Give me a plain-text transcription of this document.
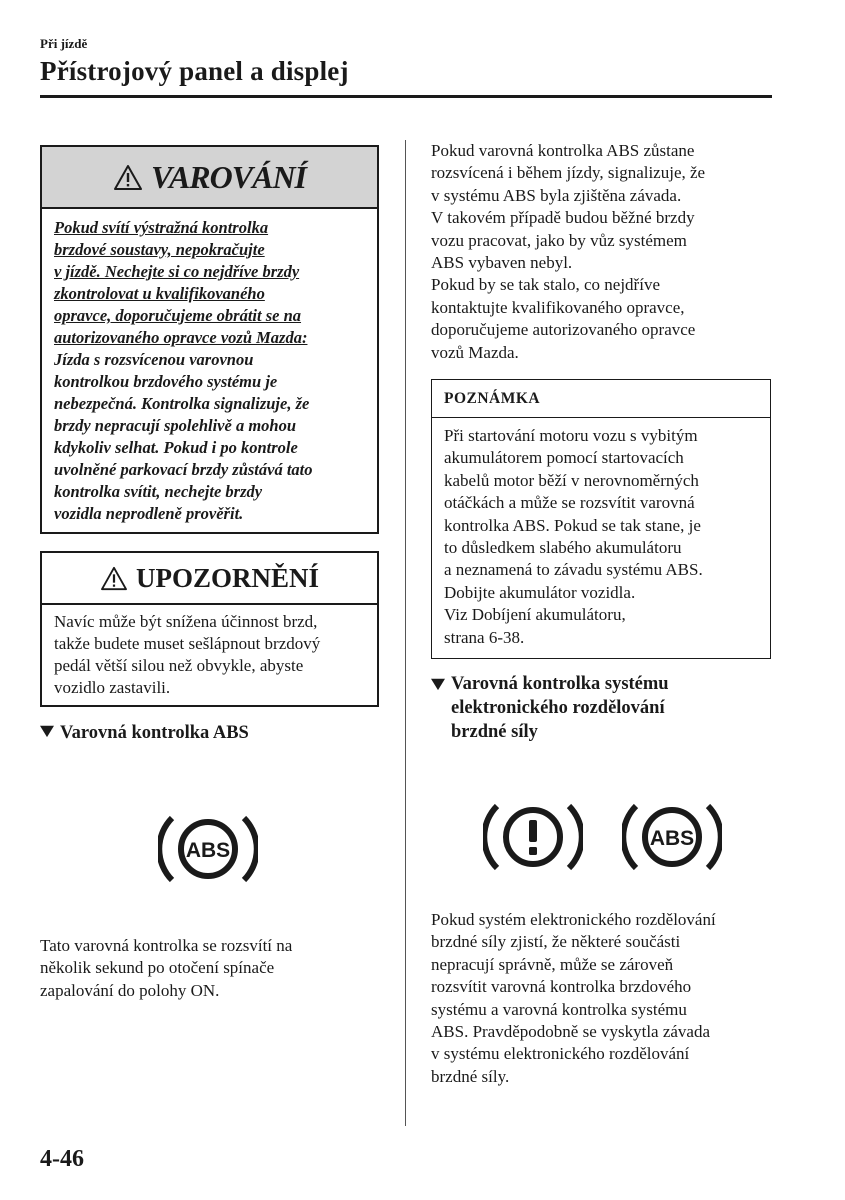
Při jízdě
Přístrojový panel a displej
VAROVÁNÍ
Pokud svítí výstražná kontrolka
brzdové soustavy, nepokračujte
v jízdě. Nechejte si co nejdříve brzdy
zkontrolovat u kvalifikovaného
opravce, doporučujeme obrátit se na
autorizovaného opravce vozů Mazda:
Jízda s rozsvícenou varovnou
kontrolkou brzdového systému je
nebezpečná. Kontrolka signalizuje, že
brzdy nepracují spolehlivě a mohou
kdykoliv selhat. Pokud i po kontrole
uvolněné parkovací brzdy zůstává tato
kontrolka svítit, nechejte brzdy
vozidla neprodleně prověřit.
UPOZORNĚNÍ
Navíc může být snížena účinnost brzd,
takže budete muset sešlápnout brzdový
pedál větší silou než obvykle, abyste
vozidlo zastavili.
Varovná kontrolka ABS
ABS
Tato varovná kontrolka se rozsvítí na
několik sekund po otočení spínače
zapalování do polohy ON.
Pokud varovná kontrolka ABS zůstane
rozsvícená i během jízdy, signalizuje, že
v systému ABS byla zjištěna závada.
V takovém případě budou běžné brzdy
vozu pracovat, jako by vůz systémem
ABS vybaven nebyl.
Pokud by se tak stalo, co nejdříve
kontaktujte kvalifikovaného opravce,
doporučujeme autorizovaného opravce
vozů Mazda.
POZNÁMKA
Při startování motoru vozu s vybitým
akumulátorem pomocí startovacích
kabelů motor běží v nerovnoměrných
otáčkách a může se rozsvítit varovná
kontrolka ABS. Pokud se tak stane, je
to důsledkem slabého akumulátoru
a neznamená to závadu systému ABS.
Dobijte akumulátor vozidla.
Viz Dobíjení akumulátoru,
strana 6-38.
Varovná kontrolka systému
elektronického rozdělování
brzdné síly
ABS
Pokud systém elektronického rozdělování
brzdné síly zjistí, že některé součásti
nepracují správně, může se zároveň
rozsvítit varovná kontrolka brzdového
systému a varovná kontrolka systému
ABS. Pravděpodobně se vyskytla závada
v systému elektronického rozdělování
brzdné síly.
4-46
